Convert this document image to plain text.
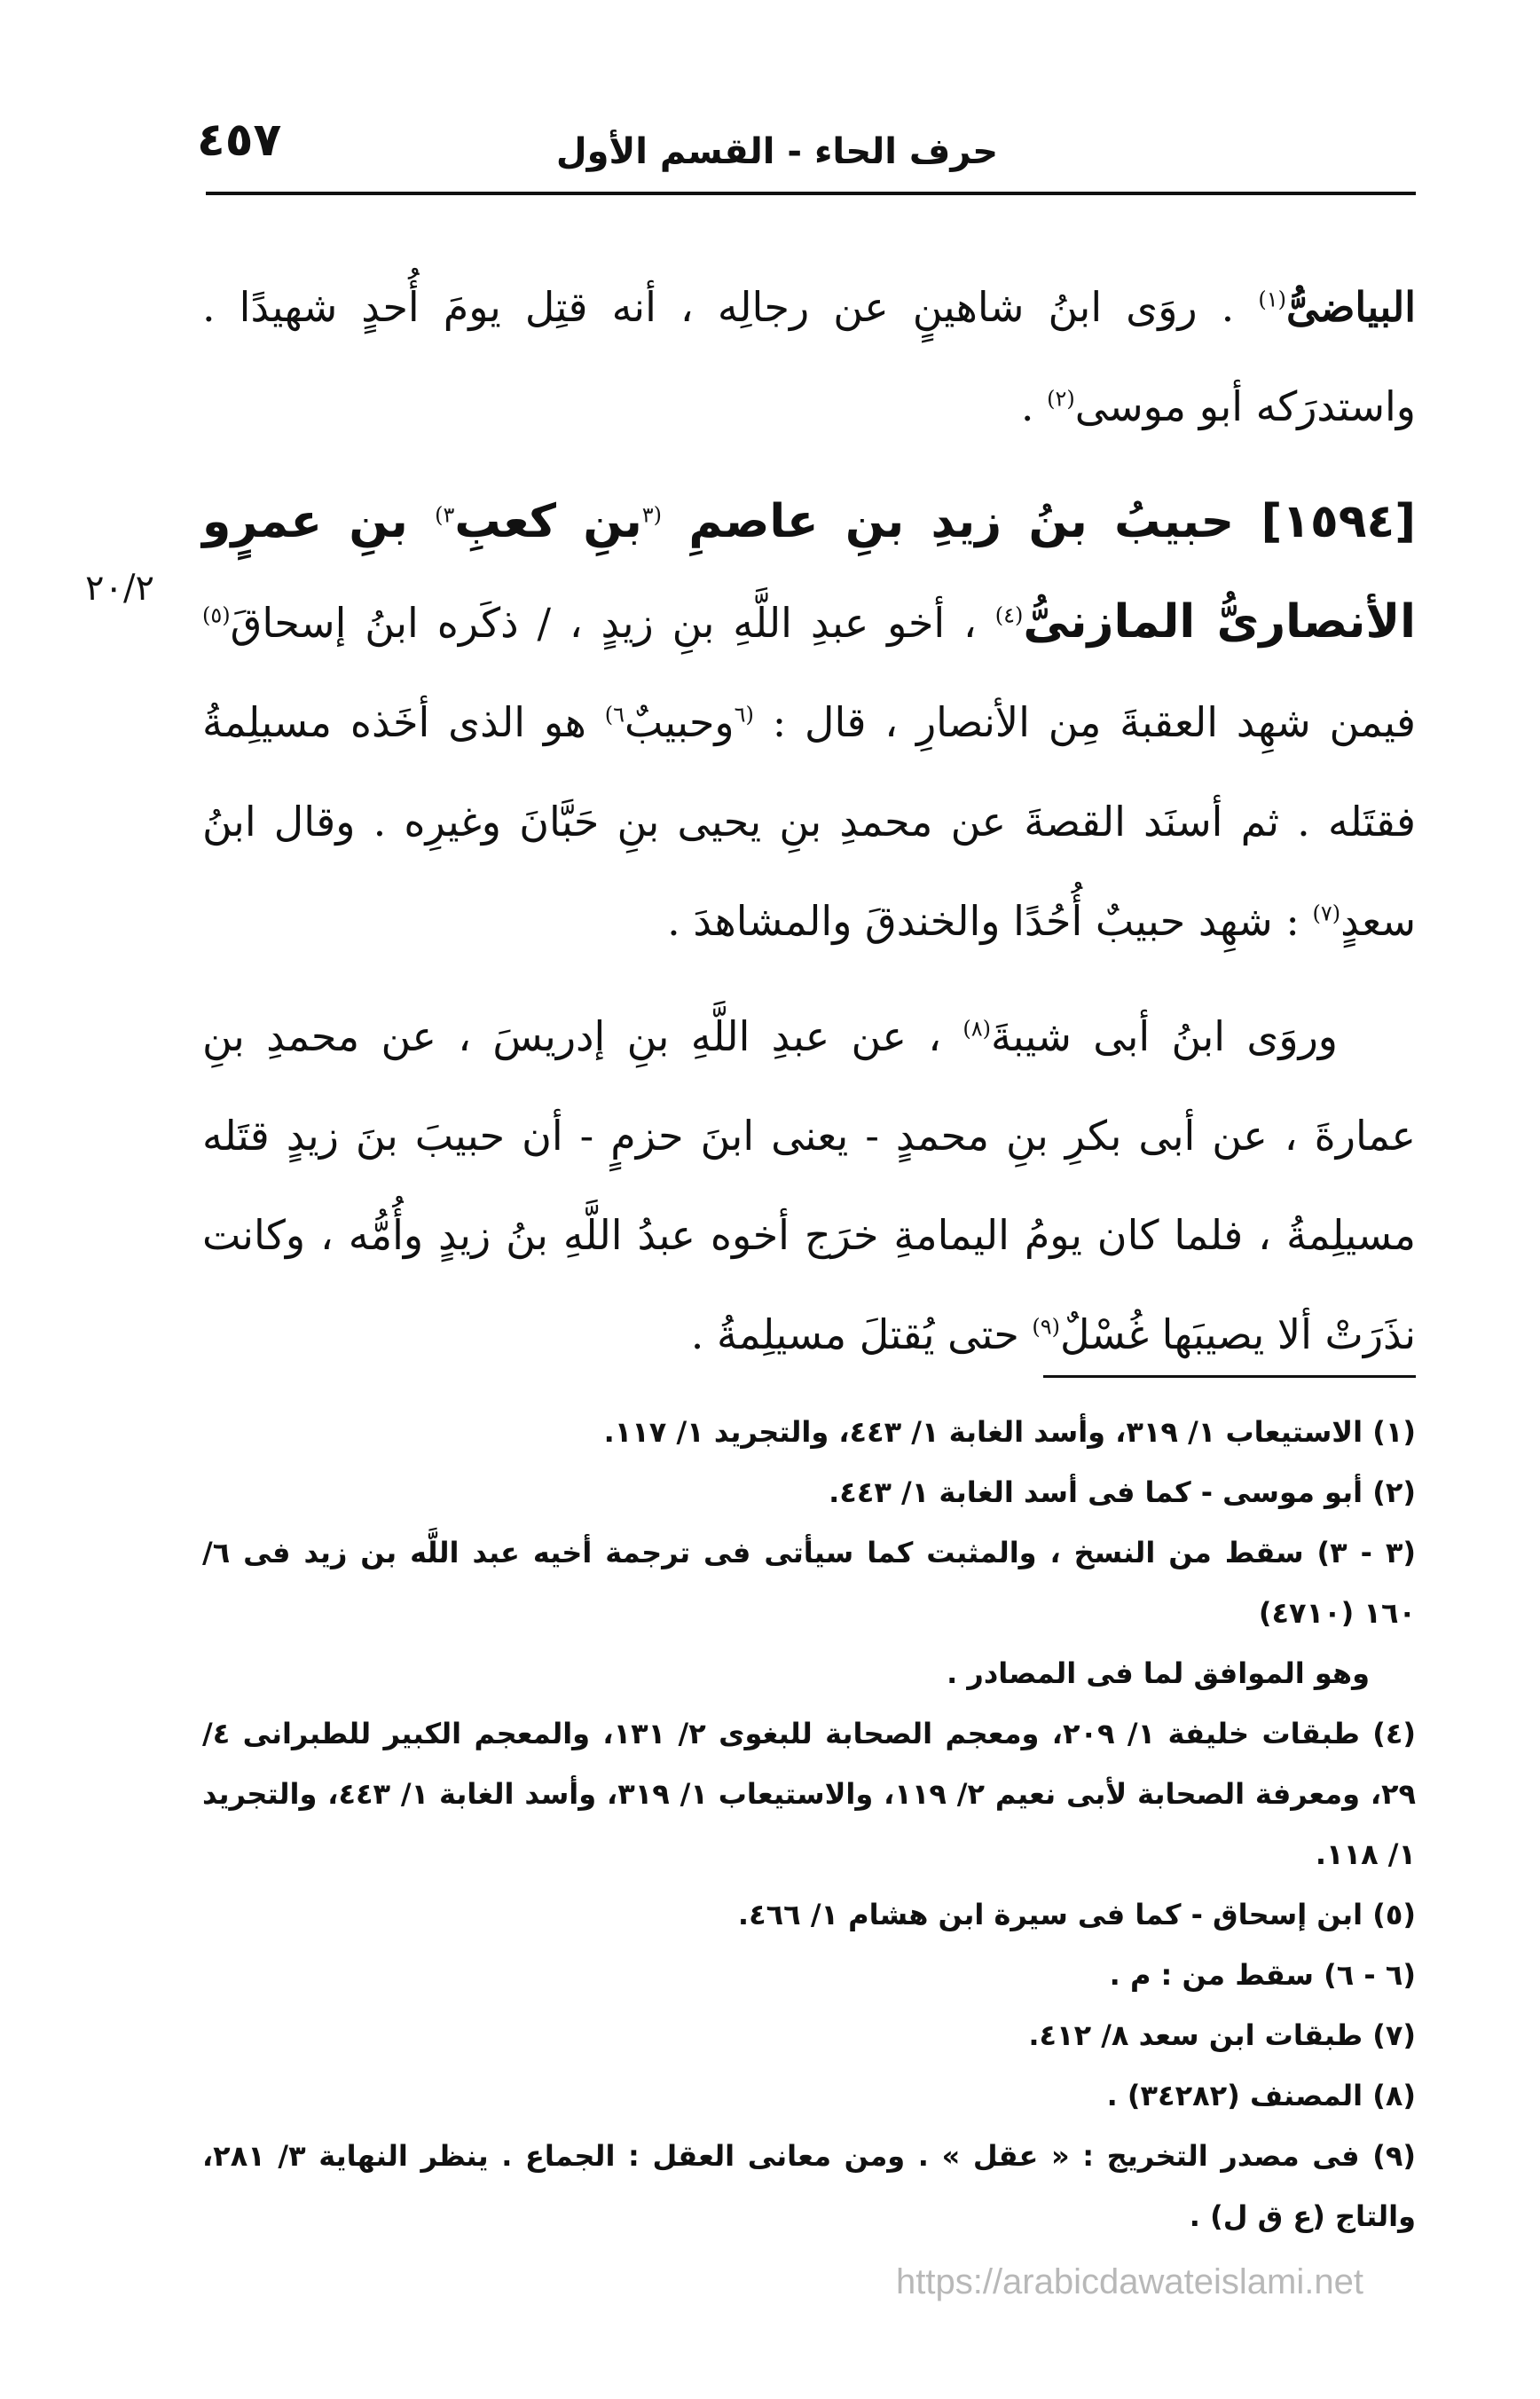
حرف الحاء - القسم الأول
٤٥٧
٢٠/٢

البياضىُّ$^{(١)}$ . روَى ابنُ شاهينٍ عن رجالِه ، أنه قتِل يومَ أُحدٍ شهيدًا . واستدرَكه أبو موسى$^{(٢)}$ .

[١٥٩٤] حبيبُ بنُ زيدِ بنِ عاصمِ $^{(٣}$بنِ كعبِ$^{٣)}$ بنِ عمرٍو الأنصارىُّ المازنىُّ$^{(٤)}$ ، أخو عبدِ اللَّهِ بنِ زيدٍ ، / ذكَره ابنُ إسحاقَ$^{(٥)}$ فيمن شهِد العقبةَ مِن الأنصارِ ، قال : $^{(٦}$وحبيبٌ$^{٦)}$ هو الذى أخَذه مسيلِمةُ فقتَله . ثم أسنَد القصةَ عن محمدِ بنِ يحيى بنِ حَبَّانَ وغيرِه . وقال ابنُ سعدٍ$^{(٧)}$ : شهِد حبيبٌ أُحُدًا والخندقَ والمشاهدَ .

وروَى ابنُ أبى شيبةَ$^{(٨)}$ ، عن عبدِ اللَّهِ بنِ إدريسَ ، عن محمدِ بنِ عمارةَ ، عن أبى بكرِ بنِ محمدٍ - يعنى ابنَ حزمٍ - أن حبيبَ بنَ زيدٍ قتَله مسيلِمةُ ، فلما كان يومُ اليمامةِ خرَج أخوه عبدُ اللَّهِ بنُ زيدٍ وأُمُّه ، وكانت نذَرَتْ ألا يصيبَها غُسْلٌ$^{(٩)}$ حتى يُقتلَ مسيلِمةُ .

(١) الاستيعاب ١/ ٣١٩، وأسد الغابة ١/ ٤٤٣، والتجريد ١/ ١١٧.

(٢) أبو موسى - كما فى أسد الغابة ١/ ٤٤٣.

(٣ - ٣) سقط من النسخ ، والمثبت كما سيأتى فى ترجمة أخيه عبد اللَّه بن زيد فى ٦/ ١٦٠ (٤٧١٠)

وهو الموافق لما فى المصادر .

(٤) طبقات خليفة ١/ ٢٠٩، ومعجم الصحابة للبغوى ٢/ ١٣١، والمعجم الكبير للطبرانى ٤/ ٢٩، ومعرفة الصحابة لأبى نعيم ٢/ ١١٩، والاستيعاب ١/ ٣١٩، وأسد الغابة ١/ ٤٤٣، والتجريد ١/ ١١٨.

(٥) ابن إسحاق - كما فى سيرة ابن هشام ١/ ٤٦٦.

(٦ - ٦) سقط من : م .

(٧) طبقات ابن سعد ٨/ ٤١٢.

(٨) المصنف (٣٤٢٨٢) .

(٩) فى مصدر التخريج : « عقل » . ومن معانى العقل : الجماع . ينظر النهاية ٣/ ٢٨١، والتاج (ع ق ل) .

https://arabicdawateislami.net
